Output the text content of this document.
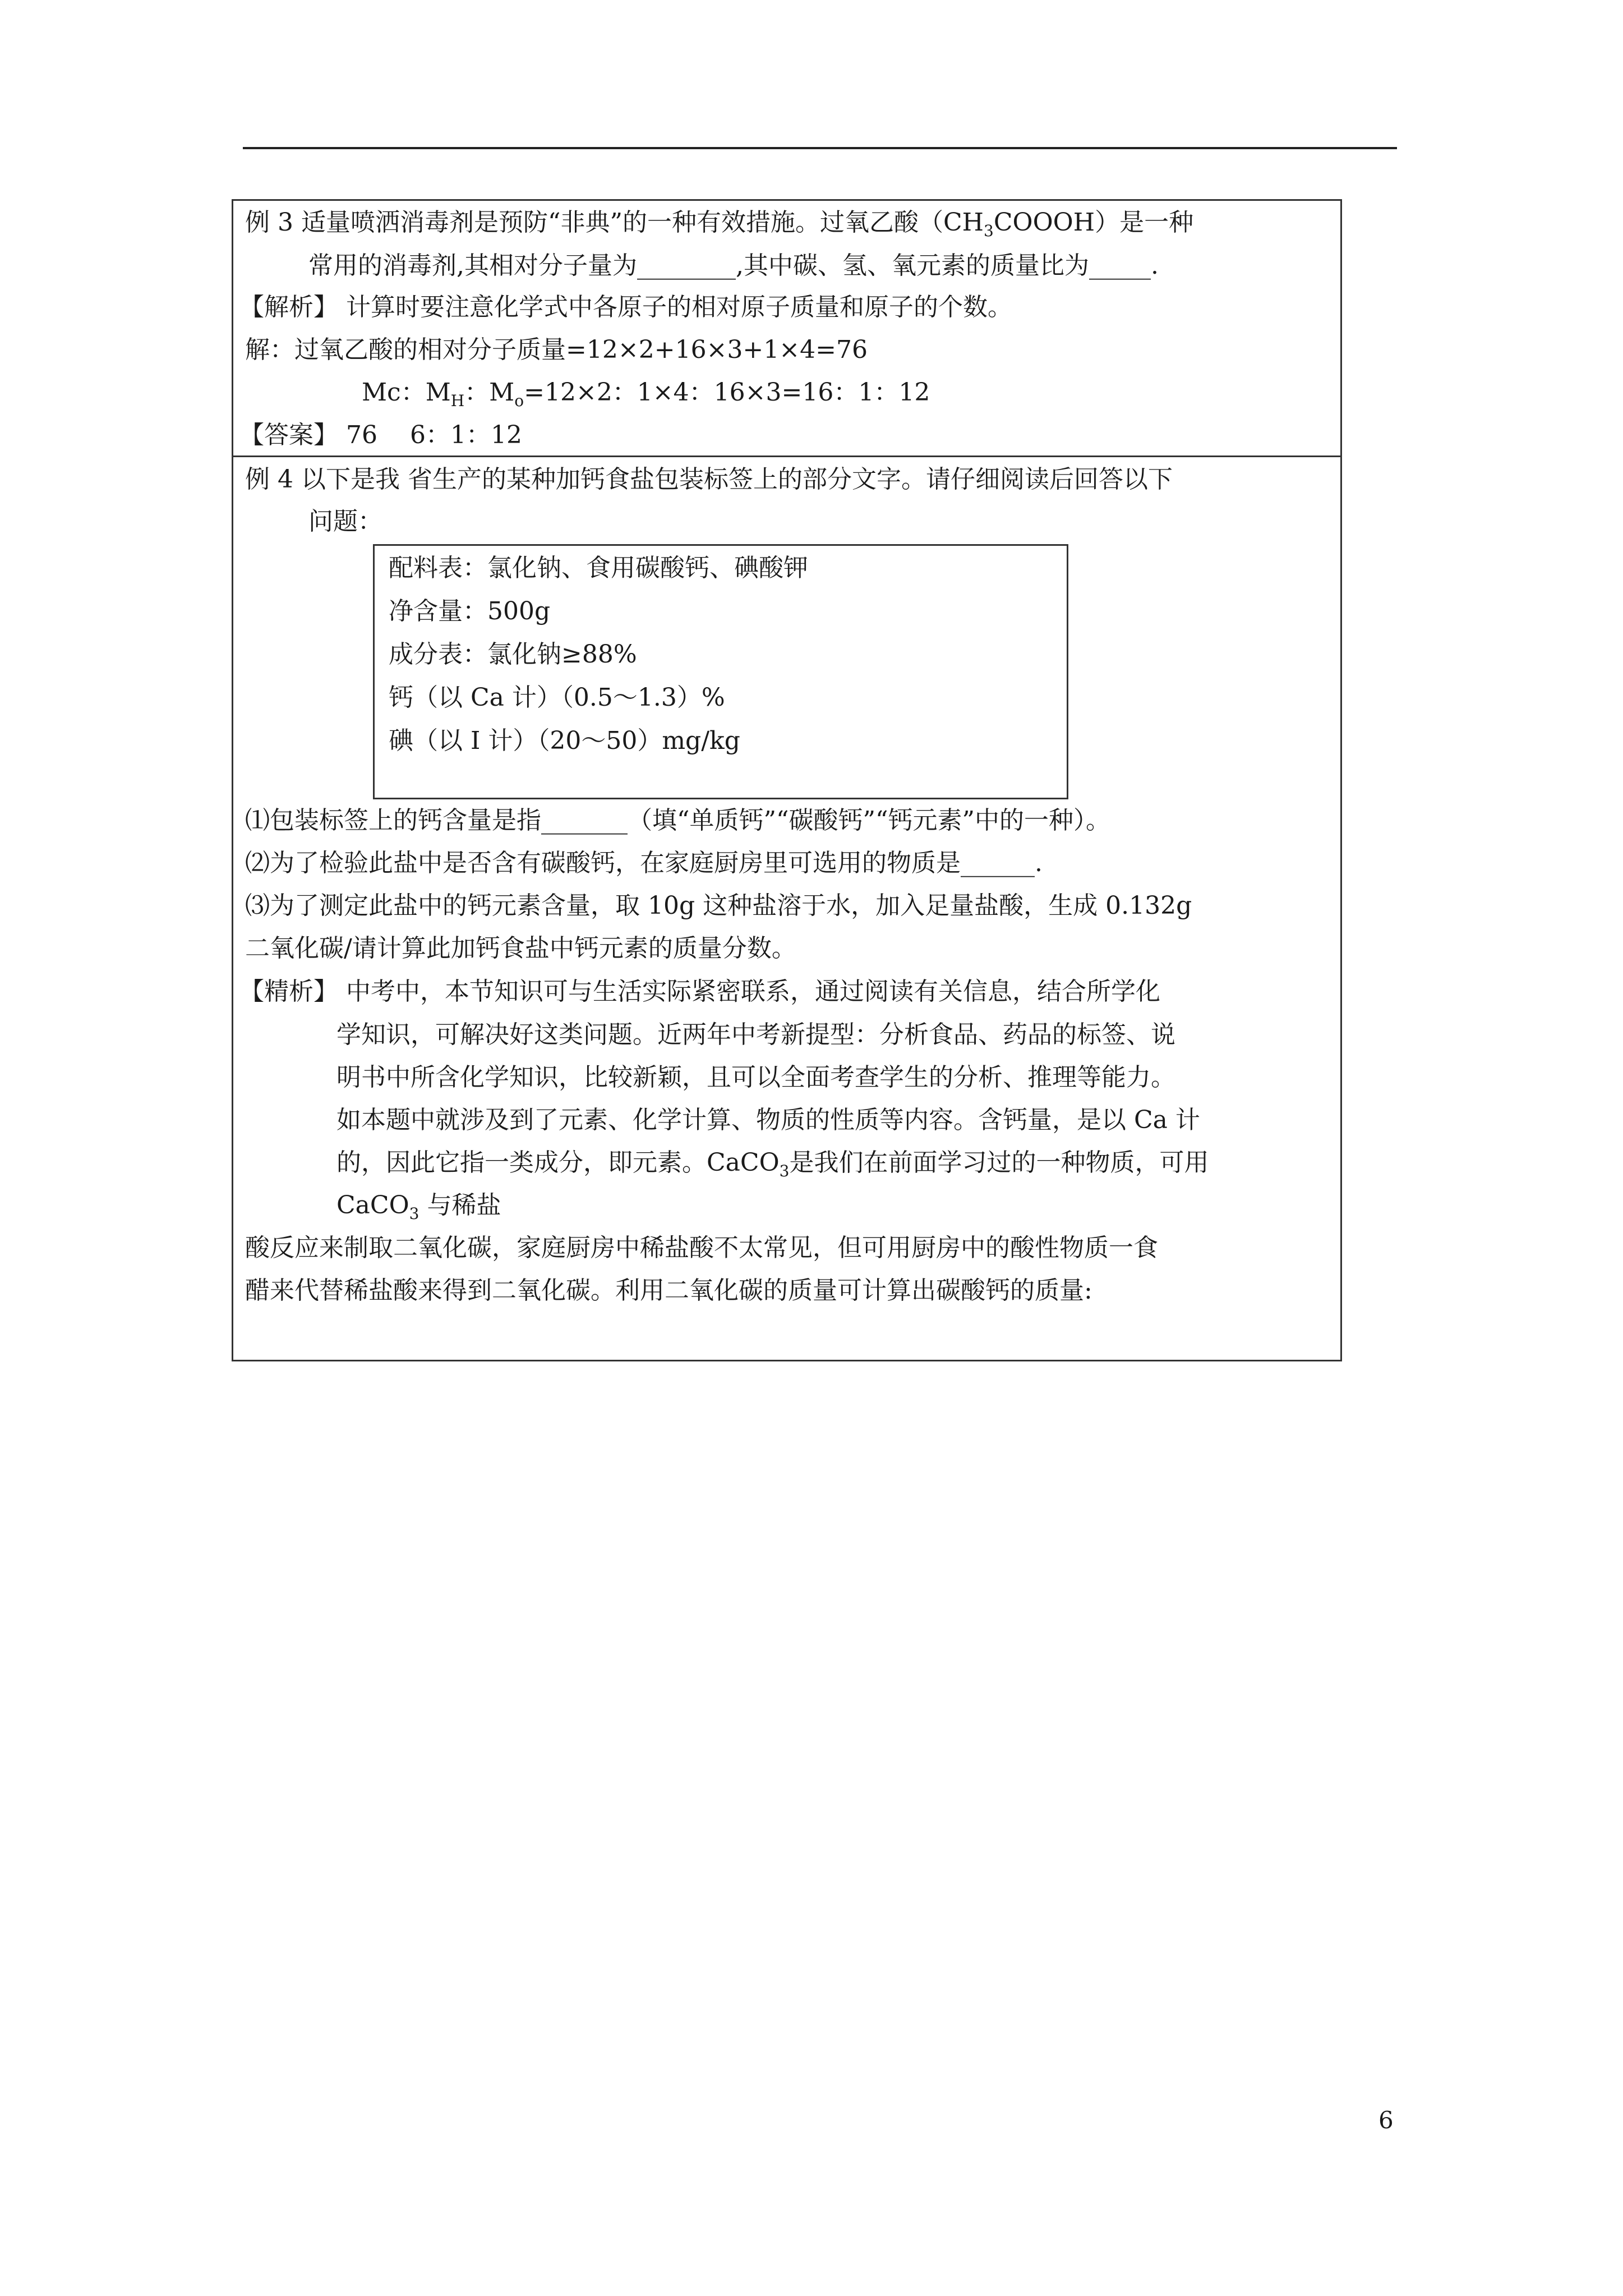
例 3 适量喷洒消毒剂是预防“非典”的一种有效措施。过氧乙酸$(CH_3COOOH)$是一种
常用的消毒剂,其相对分子量为________,其中碳、氢、氧元素的质量比为_____.
【解析】 计算时要注意化学式中各原子的相对原子质量和原子的个数。
解：过氧乙酸的相对分子质量=12×2+16×3+1×4=76
Mc：$M_H$：$M_o=12\times 2$：1×4：16×3=16：1：12
【答案】 76　 6：1：12
例 4 以下是我 省生产的某种加钙食盐包装标签上的部分文字。请仔细阅读后回答以下
问题：
配料表：氯化钠、食用碳酸钙、碘酸钾
净含量：500g
成分表：氯化钠≥88%
钙（以 Ca 计）（0.5～1.3）%
碘（以 I 计）（20～50）mg/kg
⑴包装标签上的钙含量是指_______（填“单质钙”“碳酸钙”“钙元素”中的一种）。
⑵为了检验此盐中是否含有碳酸钙，在家庭厨房里可选用的物质是______.
⑶为了测定此盐中的钙元素含量，取 10g 这种盐溶于水，加入足量盐酸，生成 0.132g
二氧化碳/请计算此加钙食盐中钙元素的质量分数。
【精析】 中考中，本节知识可与生活实际紧密联系，通过阅读有关信息，结合所学化
学知识，可解决好这类问题。近两年中考新提型：分析食品、药品的标签、说
明书中所含化学知识，比较新颖，且可以全面考查学生的分析、推理等能力。
如本题中就涉及到了元素、化学计算、物质的性质等内容。含钙量，是以 Ca 计
的，因此它指一类成分，即元素。CaCO$_3$是我们在前面学习过的一种物质，可用
CaCO$_3$ 与稀盐
酸反应来制取二氧化碳，家庭厨房中稀盐酸不太常见，但可用厨房中的酸性物质一食
醋来代替稀盐酸来得到二氧化碳。利用二氧化碳的质量可计算出碳酸钙的质量:
6
